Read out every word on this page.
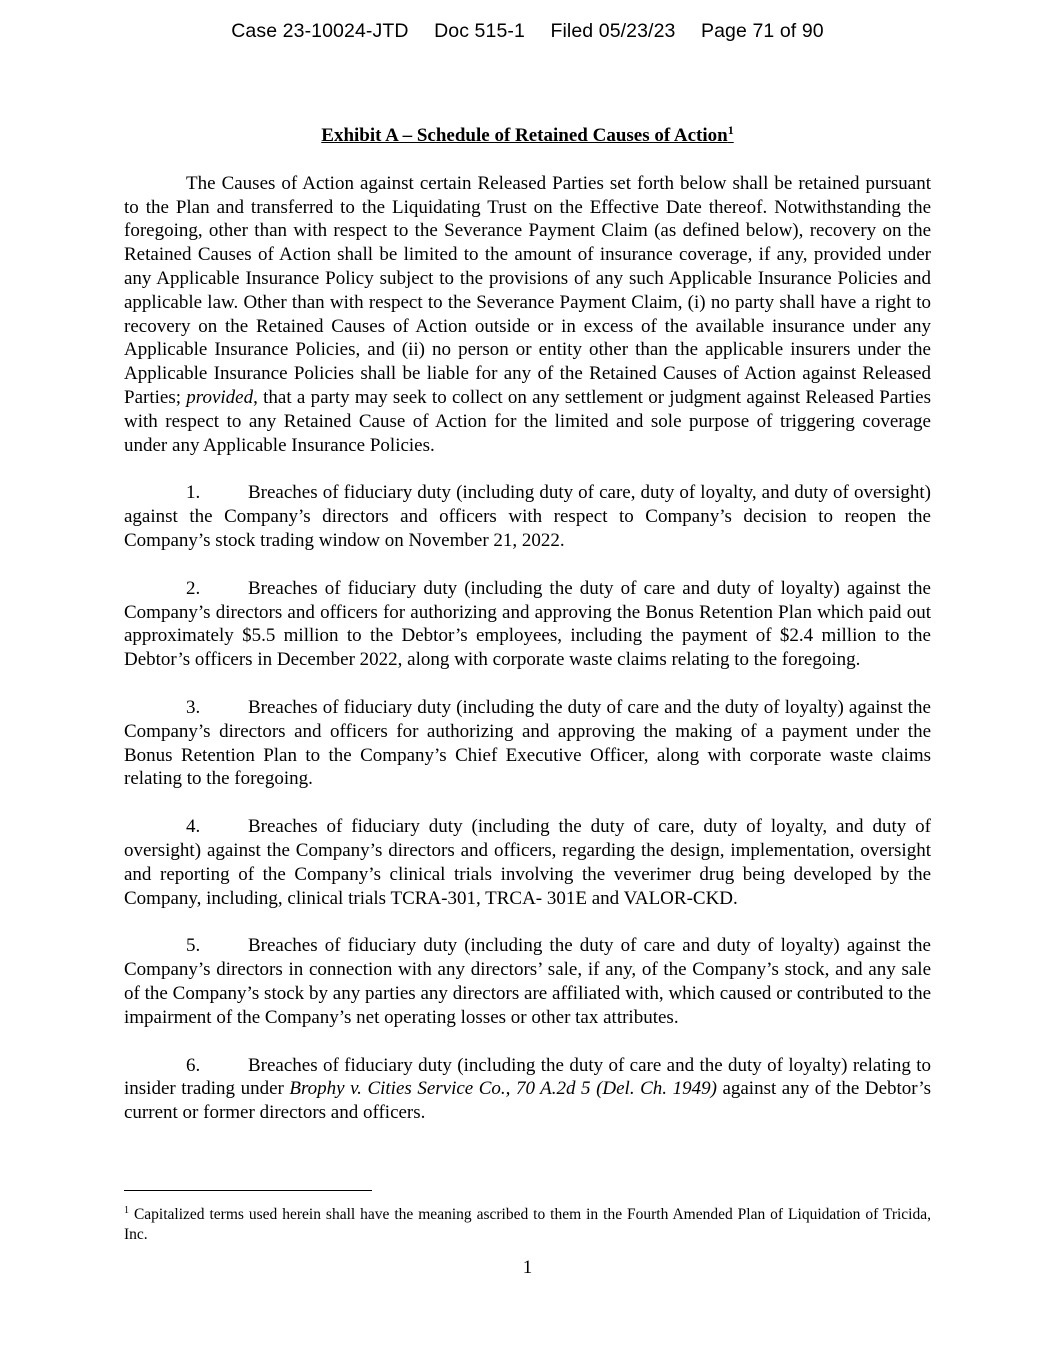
Case 23-10024-JTD Doc 515-1 Filed 05/23/23 Page 71 of 90
Exhibit A – Schedule of Retained Causes of Action$^1$

The Causes of Action against certain Released Parties set forth below shall be retained pursuant to the Plan and transferred to the Liquidating Trust on the Effective Date thereof. Notwithstanding the foregoing, other than with respect to the Severance Payment Claim (as defined below), recovery on the Retained Causes of Action shall be limited to the amount of insurance coverage, if any, provided under any Applicable Insurance Policy subject to the provisions of any such Applicable Insurance Policies and applicable law. Other than with respect to the Severance Payment Claim, (i) no party shall have a right to recovery on the Retained Causes of Action outside or in excess of the available insurance under any Applicable Insurance Policies, and (ii) no person or entity other than the applicable insurers under the Applicable Insurance Policies shall be liable for any of the Retained Causes of Action against Released Parties; provided, that a party may seek to collect on any settlement or judgment against Released Parties with respect to any Retained Cause of Action for the limited and sole purpose of triggering coverage under any Applicable Insurance Policies.

1.	Breaches of fiduciary duty (including duty of care, duty of loyalty, and duty of oversight) against the Company’s directors and officers with respect to Company’s decision to reopen the Company’s stock trading window on November 21, 2022.

2.	Breaches of fiduciary duty (including the duty of care and duty of loyalty) against the Company’s directors and officers for authorizing and approving the Bonus Retention Plan which paid out approximately $5.5 million to the Debtor’s employees, including the payment of $2.4 million to the Debtor’s officers in December 2022, along with corporate waste claims relating to the foregoing.

3.	Breaches of fiduciary duty (including the duty of care and the duty of loyalty) against the Company’s directors and officers for authorizing and approving the making of a payment under the Bonus Retention Plan to the Company’s Chief Executive Officer, along with corporate waste claims relating to the foregoing.

4.	Breaches of fiduciary duty (including the duty of care, duty of loyalty, and duty of oversight) against the Company’s directors and officers, regarding the design, implementation, oversight and reporting of the Company’s clinical trials involving the veverimer drug being developed by the Company, including, clinical trials TCRA-301, TRCA- 301E and VALOR-CKD.

5.	Breaches of fiduciary duty (including the duty of care and duty of loyalty) against the Company’s directors in connection with any directors’ sale, if any, of the Company’s stock, and any sale of the Company’s stock by any parties any directors are affiliated with, which caused or contributed to the impairment of the Company’s net operating losses or other tax attributes.

6.	Breaches of fiduciary duty (including the duty of care and the duty of loyalty) relating to insider trading under Brophy v. Cities Service Co., 70 A.2d 5 (Del. Ch. 1949) against any of the Debtor’s current or former directors and officers.

$^1$ Capitalized terms used herein shall have the meaning ascribed to them in the Fourth Amended Plan of Liquidation of Tricida, Inc.
1
